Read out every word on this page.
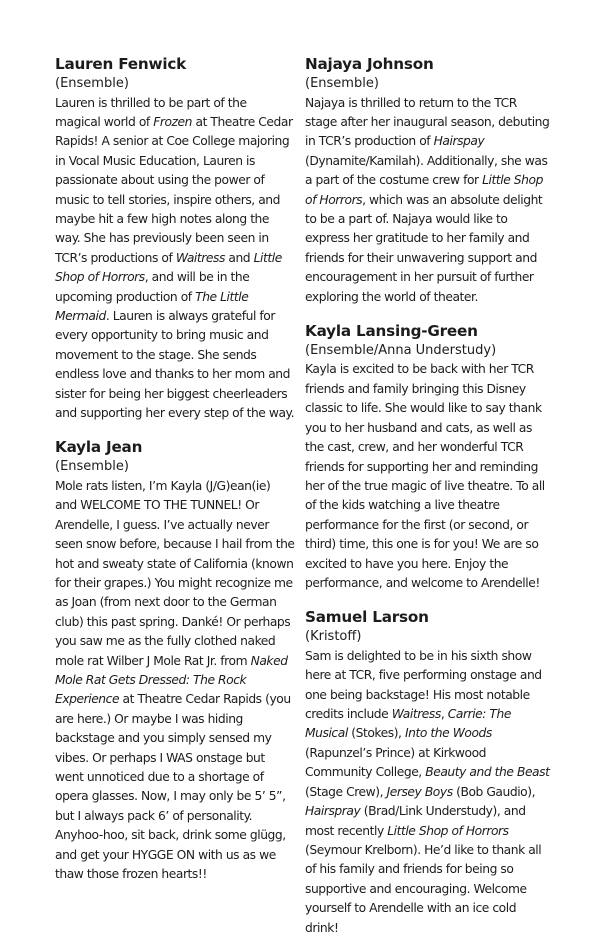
Lauren Fenwick
(Ensemble)

Lauren is thrilled to be part of the magical world of Frozen at Theatre Cedar Rapids! A senior at Coe College majoring in Vocal Music Education, Lauren is passionate about using the power of music to tell stories, inspire others, and maybe hit a few high notes along the way. She has previously been seen in TCR’s productions of Waitress and Little Shop of Horrors, and will be in the upcoming production of The Little Mermaid. Lauren is always grateful for every opportunity to bring music and movement to the stage. She sends endless love and thanks to her mom and sister for being her biggest cheerleaders and supporting her every step of the way.

Kayla Jean
(Ensemble)

Mole rats listen, I’m Kayla (J/G)ean(ie) and WELCOME TO THE TUNNEL! Or Arendelle, I guess. I’ve actually never seen snow before, because I hail from the hot and sweaty state of California (known for their grapes.) You might recognize me as Joan (from next door to the German club) this past spring. Danké! Or perhaps you saw me as the fully clothed naked mole rat Wilber J Mole Rat Jr. from Naked Mole Rat Gets Dressed: The Rock Experience at Theatre Cedar Rapids (you are here.) Or maybe I was hiding backstage and you simply sensed my vibes. Or perhaps I WAS onstage but went unnoticed due to a shortage of opera glasses. Now, I may only be 5’ 5”, but I always pack 6’ of personality. Anyhoo-hoo, sit back, drink some glügg, and get your HYGGE ON with us as we thaw those frozen hearts!!

Najaya Johnson
(Ensemble)

Najaya is thrilled to return to the TCR stage after her inaugural season, debuting in TCR’s production of Hairspay (Dynamite/Kamilah). Additionally, she was a part of the costume crew for Little Shop of Horrors, which was an absolute delight to be a part of. Najaya would like to express her gratitude to her family and friends for their unwavering support and encouragement in her pursuit of further exploring the world of theater.

Kayla Lansing-Green
(Ensemble/Anna Understudy)

Kayla is excited to be back with her TCR friends and family bringing this Disney classic to life. She would like to say thank you to her husband and cats, as well as the cast, crew, and her wonderful TCR friends for supporting her and reminding her of the true magic of live theatre. To all of the kids watching a live theatre performance for the first (or second, or third) time, this one is for you! We are so excited to have you here. Enjoy the performance, and welcome to Arendelle!

Samuel Larson
(Kristoff)

Sam is delighted to be in his sixth show here at TCR, five performing onstage and one being backstage! His most notable credits include Waitress, Carrie: The Musical (Stokes), Into the Woods (Rapunzel’s Prince) at Kirkwood Community College, Beauty and the Beast (Stage Crew), Jersey Boys (Bob Gaudio), Hairspray (Brad/Link Understudy), and most recently Little Shop of Horrors (Seymour Krelborn). He’d like to thank all of his family and friends for being so supportive and encouraging. Welcome yourself to Arendelle with an ice cold drink!
